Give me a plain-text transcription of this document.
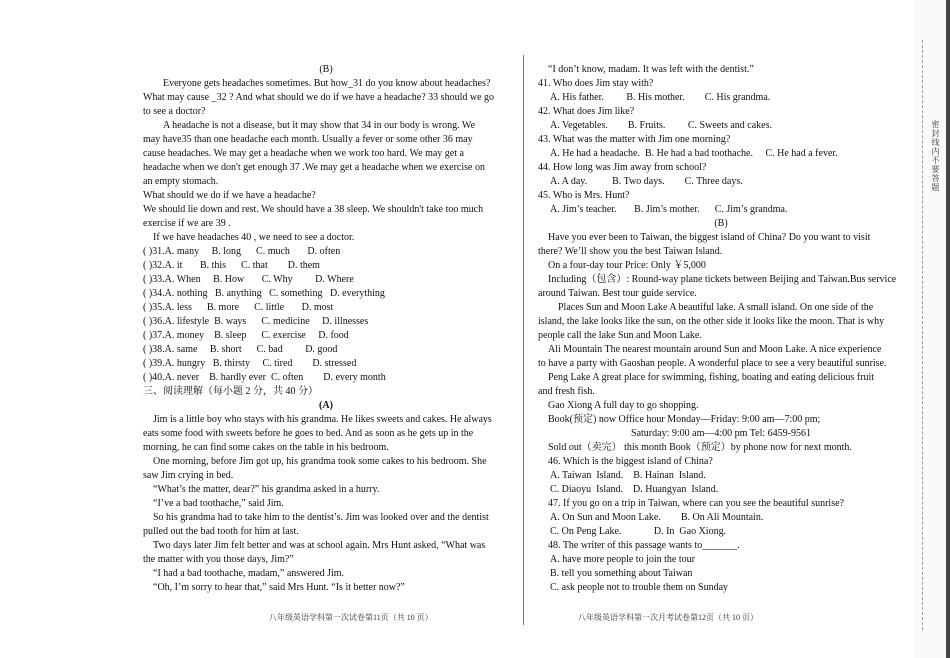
(B)

Everyone gets headaches sometimes. But how_31 do you know about headaches?

What may cause _32 ? And what should we do if we have a headache? 33 should we go

to see a doctor?

A headache is not a disease, but it may show that 34 in our body is wrong. We

may have35 than one headache each month. Usually a fever or some other 36 may

cause headaches. We may get a headache when we work too hard. We may get a

headache when we don't get enough 37 .We may get a headache when we exercise on

an empty stomach.

What should we do if we have a headache?

We should lie down and rest. We should have a 38 sleep. We shouldn't take too much

exercise if we are 39 .

If we have headaches 40 , we need to see a doctor.

( )31.A. many     B. long      C. much       D. often

( )32.A. it       B. this      C. that        D. them

( )33.A. When     B. How       C. Why         D. Where

( )34.A. nothing   B. anything   C. something   D. everything

( )35.A. less      B. more      C. little       D. most

( )36.A. lifestyle  B. ways      C. medicine     D. illnesses

( )37.A. money    B. sleep      C. exercise     D. food

( )38.A. same     B. short      C. bad         D. good

( )39.A. hungry   B. thirsty     C. tired        D. stressed

( )40.A. never    B. hardly ever  C. often        D. every month

三、阅读理解（每小题 2 分，共 40 分）

(A)

Jim is a little boy who stays with his grandma. He likes sweets and cakes. He always

eats some food with sweets before he goes to bed. And as soon as he gets up in the

morning, he can find some cakes on the table in his bedroom.

One morning, before Jim got up, his grandma took some cakes to his bedroom. She

saw Jim crying in bed.

“What’s the matter, dear?” his grandma asked in a hurry.

“I’ve a bad toothache,” said Jim.

So his grandma had to take him to the dentist’s. Jim was looked over and the dentist

pulled out the bad tooth for him at last.

Two days later Jim felt better and was at school again. Mrs Hunt asked, “What was

the matter with you those days, Jim?”

“I had a bad toothache, madam,” answered Jim.

“Oh, I’m sorry to hear that,” said Mrs Hunt. “Is it better now?”

“I don’t know, madam. It was left with the dentist.”

41. Who does Jim stay with?

A. His father.         B. His mother.        C. His grandma.

42. What does Jim like?

A. Vegetables.        B. Fruits.         C. Sweets and cakes.

43. What was the matter with Jim one morning?

A. He had a headache.  B. He had a bad toothache.     C. He had a fever.

44. How long was Jim away from school?

A. A day.          B. Two days.        C. Three days.

45. Who is Mrs. Hunt?

A. Jim’s teacher.       B. Jim’s mother.      C. Jim’s grandma.

(B)

Have you ever been to Taiwan, the biggest island of China? Do you want to visit

there? We’ll show you the best Taiwan Island.

On a four-day tour Price: Only ￥5,000

Including（包含）: Round-way plane tickets between Beijing and Taiwan.Bus service

around Taiwan. Best tour guide service.

Places Sun and Moon Lake A beautiful lake. A small island. On one side of the

island, the lake looks like the sun, on the other side it looks like the moon. That is why

people call the lake Sun and Moon Lake.

Ali Mountain The nearest mountain around Sun and Moon Lake. A nice experience

to have a party with Gaoshan people. A wonderful place to see a very beautiful sunrise.

Peng Lake A great place for swimming, fishing, boating and eating delicious fruit

and fresh fish.

Gao Xiong A full day to go shopping.

Book(预定) now Office hour Monday—Friday: 9:00 am—7:00 pm;

Saturday: 9:00 am—4:00 pm Tel: 6459-9561

Sold out（卖完） this month Book（预定）by phone now for next month.

46. Which is the biggest island of China?

A. Taiwan  Island.    B. Hainan  Island.

C. Diaoyu  Island.    D. Huangyan  Island.

47. If you go on a trip in Taiwan, where can you see the beautiful sunrise?

A. On Sun and Moon Lake.        B. On Ali Mountain.

C. On Peng Lake.             D. In  Gao Xiong.

48. The writer of this passage wants to_______.

A. have more people to join the tour

B. tell you something about Taiwan

C. ask people not to trouble them on Sunday

八年级英语学科第一次试卷第11页（共 10 页）	八年级英语学科第一次月考试卷第12页（共 10 页）
密封线内不要答题
